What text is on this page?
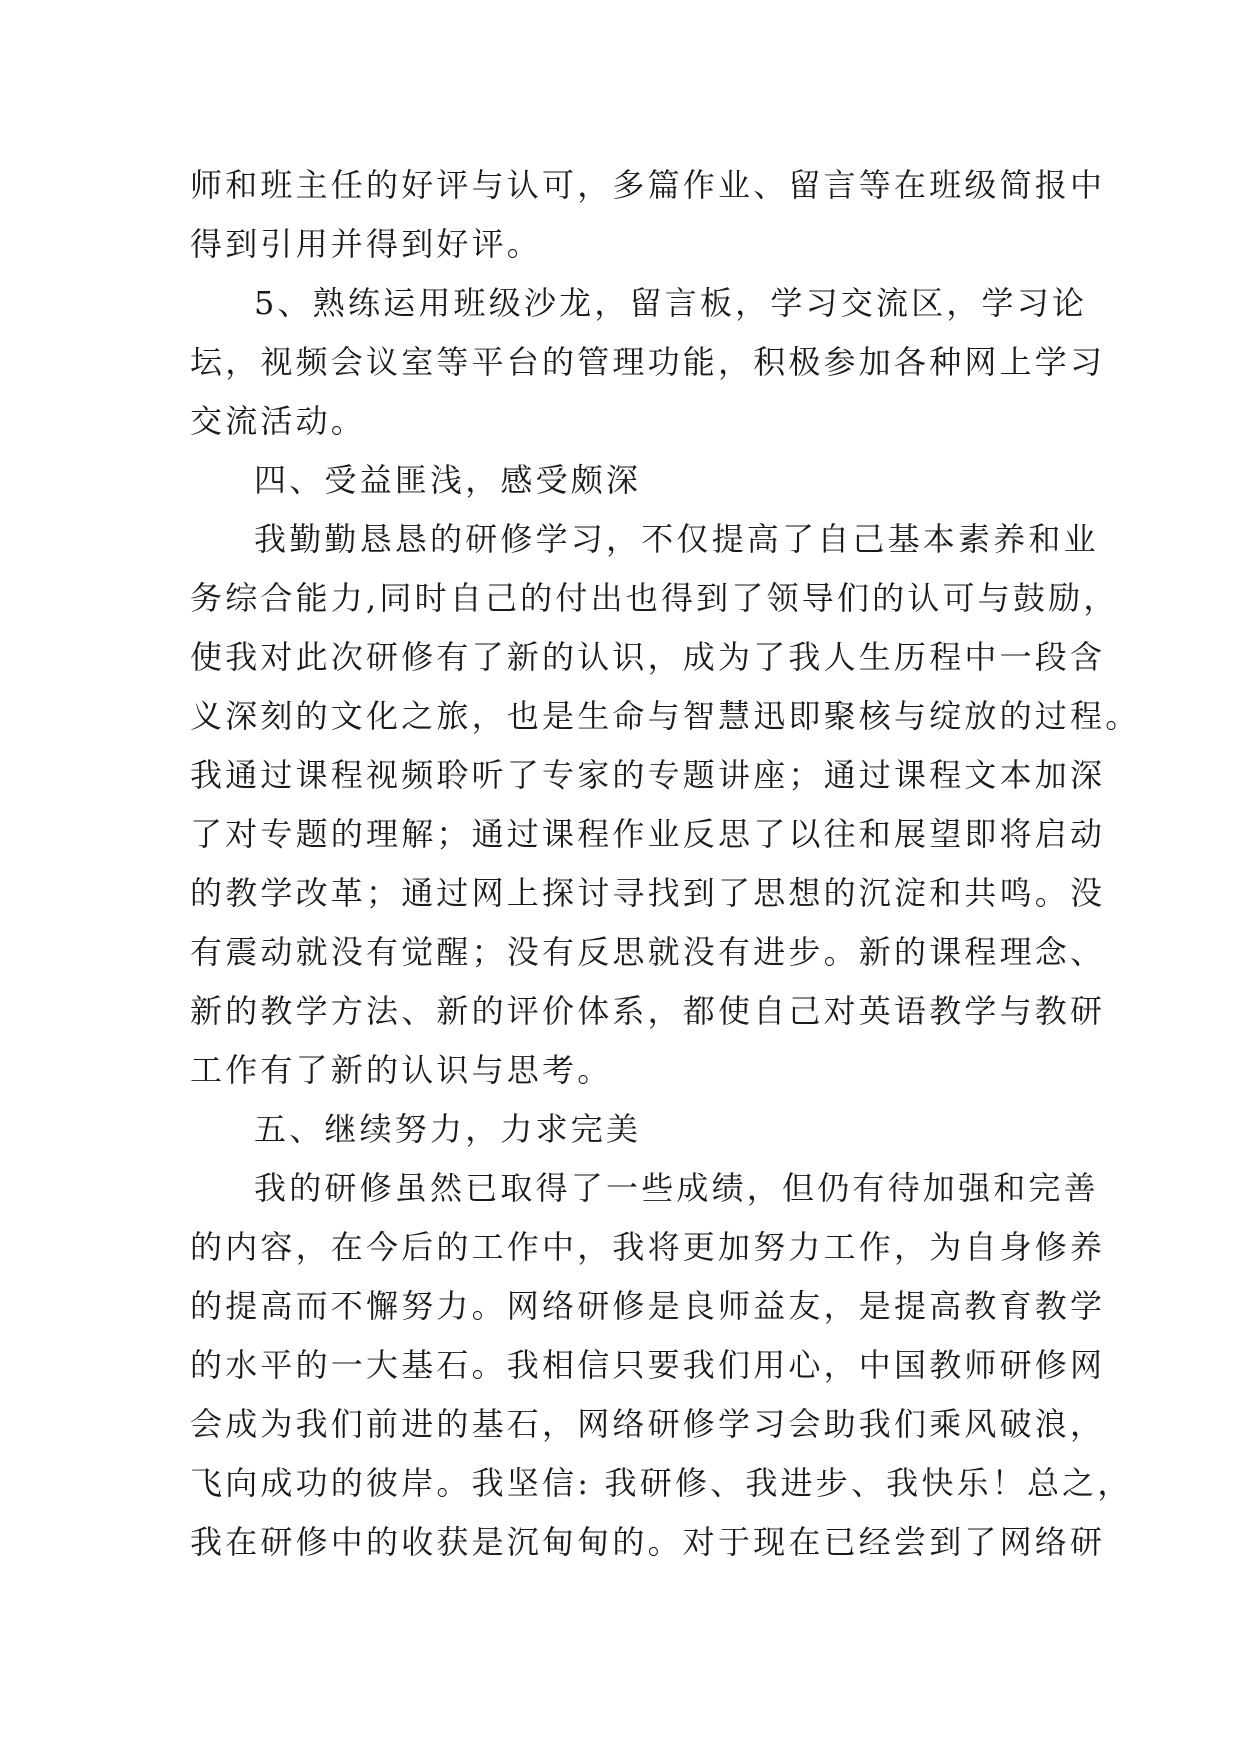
师和班主任的好评与认可，多篇作业、留言等在班级简报中
得到引用并得到好评。
5、熟练运用班级沙龙，留言板，学习交流区，学习论
坛，视频会议室等平台的管理功能，积极参加各种网上学习
交流活动。
四、受益匪浅，感受颇深
我勤勤恳恳的研修学习，不仅提高了自己基本素养和业
务综合能力,同时自己的付出也得到了领导们的认可与鼓励，
使我对此次研修有了新的认识，成为了我人生历程中一段含
义深刻的文化之旅，也是生命与智慧迅即聚核与绽放的过程。
我通过课程视频聆听了专家的专题讲座；通过课程文本加深
了对专题的理解；通过课程作业反思了以往和展望即将启动
的教学改革；通过网上探讨寻找到了思想的沉淀和共鸣。没
有震动就没有觉醒；没有反思就没有进步。新的课程理念、
新的教学方法、新的评价体系，都使自己对英语教学与教研
工作有了新的认识与思考。
五、继续努力，力求完美
我的研修虽然已取得了一些成绩，但仍有待加强和完善
的内容，在今后的工作中，我将更加努力工作，为自身修养
的提高而不懈努力。网络研修是良师益友，是提高教育教学
的水平的一大基石。我相信只要我们用心，中国教师研修网
会成为我们前进的基石，网络研修学习会助我们乘风破浪，
飞向成功的彼岸。我坚信: 我研修、我进步、我快乐！总之，
我在研修中的收获是沉甸甸的。对于现在已经尝到了网络研
